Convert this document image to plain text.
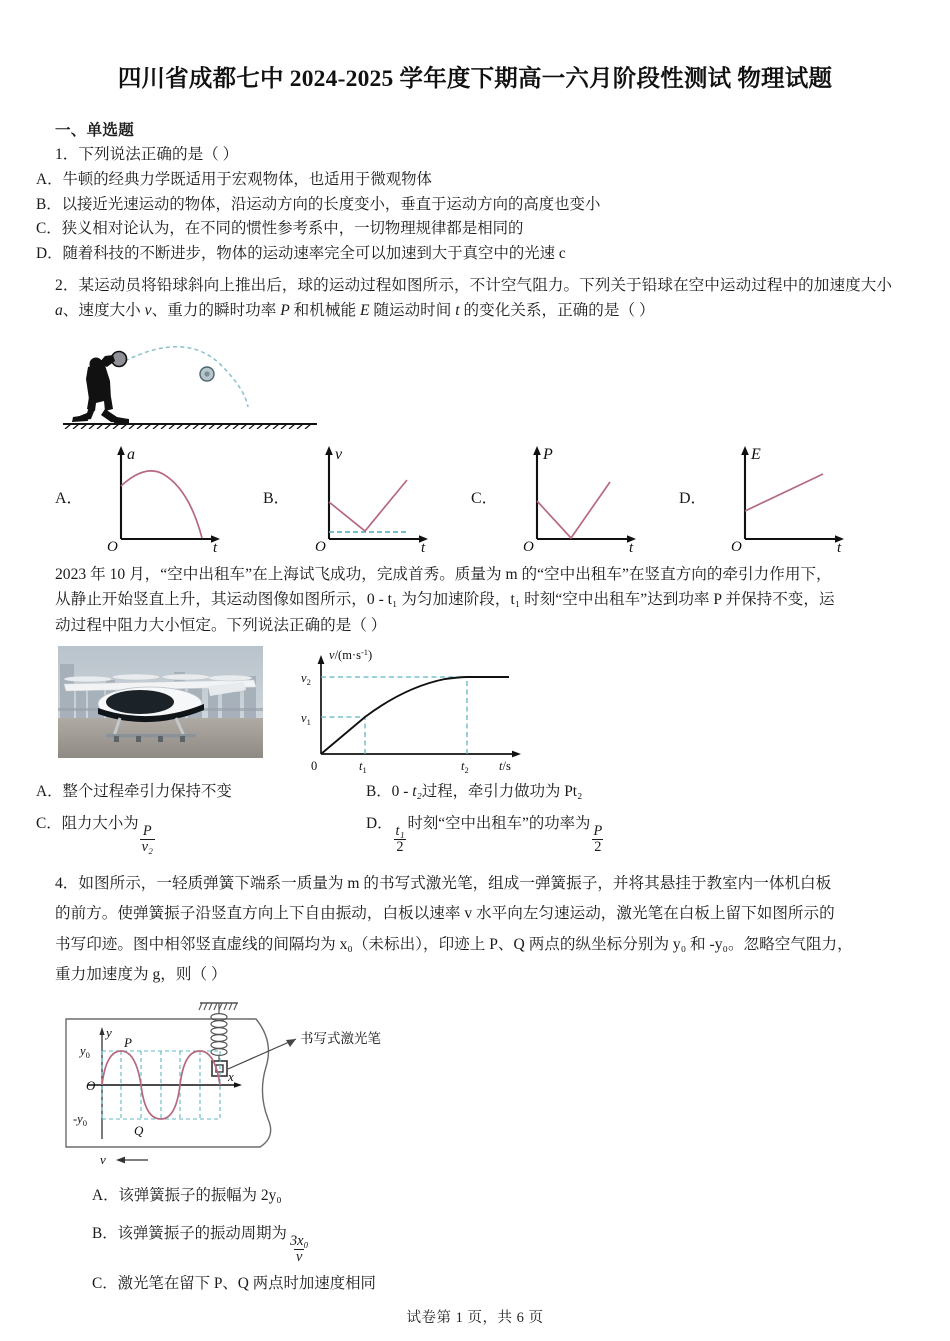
四川省成都七中 2024-2025 学年度下期高一六月阶段性测试 物理试题
一、单选题
1．下列说法正确的是（ ）
A．牛顿的经典力学既适用于宏观物体，也适用于微观物体
B．以接近光速运动的物体，沿运动方向的长度变小，垂直于运动方向的高度也变小
C．狭义相对论认为，在不同的惯性参考系中，一切物理规律都是相同的
D．随着科技的不断进步，物体的运动速率完全可以加速到大于真空中的光速 c
2．某运动员将铅球斜向上推出后，球的运动过程如图所示，不计空气阻力。下列关于铅球在空中运动过程中的加速度大小 a、速度大小 v、重力的瞬时功率 P 和机械能 E 随运动时间 t 的变化关系，正确的是（ ）
A．
a
O	t
B．
v
O	t
C．
P
O	t
D．
E
O	t
2023 年 10 月，“空中出租车”在上海试飞成功，完成首秀。质量为 m 的“空中出租车”在竖直方向的牵引力作用下，
从静止开始竖直上升，其运动图像如图所示，0 - t₁ 为匀加速阶段，t₁ 时刻“空中出租车”达到功率 P 并保持不变，运
动过程中阻力大小恒定。下列说法正确的是（ ）
$v/(m\cdot s^{-1})$
$v_2$
$v_1$
0	$t_1$	$t_2$ t/s
A．整个过程牵引力保持不变	B．0 - t₂过程，牵引力做功为 Pt₂
C．阻力大小为
$\frac{P}{\text{v₂}}$
D．
$\frac{\text{t₁}}{2}$
时刻“空中出租车”的功率为
$\frac{P}{2}$
4．如图所示，一轻质弹簧下端系一质量为 m 的书写式激光笔，组成一弹簧振子，并将其悬挂于教室内一体机白板
的前方。使弹簧振子沿竖直方向上下自由振动，白板以速率 v 水平向左匀速运动，激光笔在白板上留下如图所示的
书写印迹。图中相邻竖直虚线的间隔均为 x₀（未标出），印迹上 P、Q 两点的纵坐标分别为 y₀ 和 -y₀。忽略空气阻力，
重力加速度为 g，则（ ）
书写式激光笔
y
x
O
$y_0$
$-y_0$
P
Q
v
A．该弹簧振子的振幅为 2y₀
B．该弹簧振子的振动周期为
$\frac{\text{3x₀}}{v}$
C．激光笔在留下 P、Q 两点时加速度相同
试卷第 1 页，共 6 页
